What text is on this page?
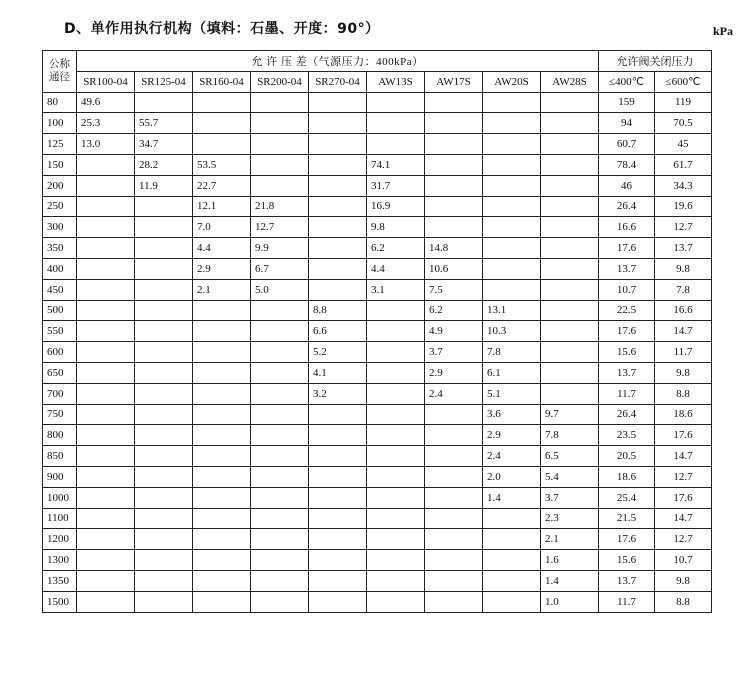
D、单作用执行机构（填料：石墨、开度：90°）	kPa
公称
通径	允 许 压 差（气源压力：400kPa）									允许阀关闭压力	
	SR100-04	SR125-04	SR160-04	SR200-04	SR270-04	AW13S	AW17S	AW20S	AW28S	≤400℃	≤600℃
80	49.6									159	119
100	25.3	55.7								94	70.5
125	13.0	34.7								60.7	45
150		28.2	53.5			74.1				78.4	61.7
200		11.9	22.7			31.7				46	34.3
250			12.1	21.8		16.9				26.4	19.6
300			7.0	12.7		9.8				16.6	12.7
350			4.4	9.9		6.2	14.8			17.6	13.7
400			2.9	6.7		4.4	10.6			13.7	9.8
450			2.1	5.0		3.1	7.5			10.7	7.8
500					8.8		6.2	13.1		22.5	16.6
550					6.6		4.9	10.3		17.6	14.7
600					5.2		3.7	7.8		15.6	11.7
650					4.1		2.9	6.1		13.7	9.8
700					3.2		2.4	5.1		11.7	8.8
750								3.6	9.7	26.4	18.6
800								2.9	7.8	23.5	17.6
850								2.4	6.5	20.5	14.7
900								2.0	5.4	18.6	12.7
1000								1.4	3.7	25.4	17.6
1100									2.3	21.5	14.7
1200									2.1	17.6	12.7
1300									1.6	15.6	10.7
1350									1.4	13.7	9.8
1500									1.0	11.7	8.8
